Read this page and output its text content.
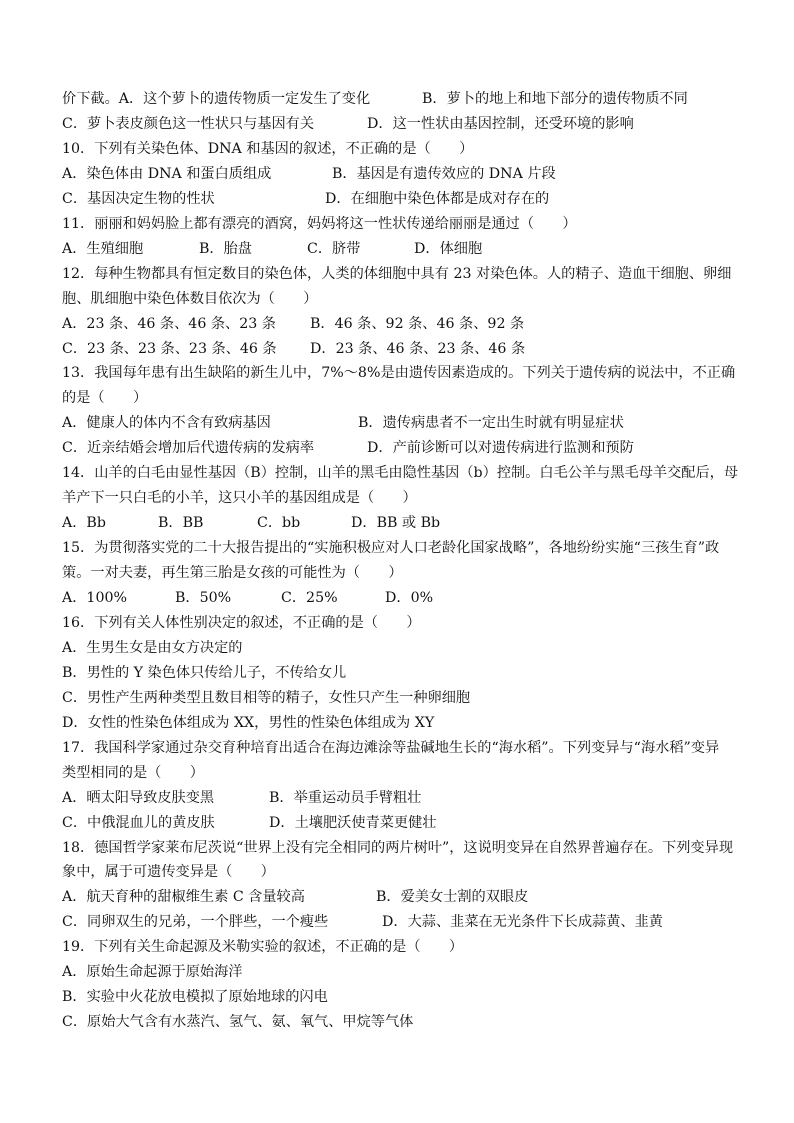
价下截。A．这个萝卜的遗传物质一定发生了变化	B．萝卜的地上和地下部分的遗传物质不同
C．萝卜表皮颜色这一性状只与基因有关	D．这一性状由基因控制，还受环境的影响
10．下列有关染色体、DNA 和基因的叙述，不正确的是（　　）
A．染色体由 DNA 和蛋白质组成	B．基因是有遗传效应的 DNA 片段
C．基因决定生物的性状	D．在细胞中染色体都是成对存在的
11．丽丽和妈妈脸上都有漂亮的酒窝，妈妈将这一性状传递给丽丽是通过（　　）
A．生殖细胞	B．胎盘	C．脐带	D．体细胞
12．每种生物都具有恒定数目的染色体，人类的体细胞中具有 23 对染色体。人的精子、造血干细胞、卵细
胞、肌细胞中染色体数目依次为（　　）
A．23 条、46 条、46 条、23 条 B．46 条、92 条、46 条、92 条
C．23 条、23 条、23 条、46 条 D．23 条、46 条、23 条、46 条
13．我国每年患有出生缺陷的新生儿中，7%～8%是由遗传因素造成的。下列关于遗传病的说法中，不正确
的是（　　）
A．健康人的体内不含有致病基因	B．遗传病患者不一定出生时就有明显症状
C．近亲结婚会增加后代遗传病的发病率	D．产前诊断可以对遗传病进行监测和预防
14．山羊的白毛由显性基因（B）控制，山羊的黑毛由隐性基因（b）控制。白毛公羊与黑毛母羊交配后，母
羊产下一只白毛的小羊，这只小羊的基因组成是（　　）
A．Bb	B．BB	C．bb	D．BB 或 Bb
15．为贯彻落实党的二十大报告提出的“实施积极应对人口老龄化国家战略”，各地纷纷实施“三孩生育”政
策。一对夫妻，再生第三胎是女孩的可能性为（　　）
A．100%	B．50%	C．25%	D．0%
16．下列有关人体性别决定的叙述，不正确的是（　　）
A．生男生女是由女方决定的
B．男性的 Y 染色体只传给儿子，不传给女儿
C．男性产生两种类型且数目相等的精子，女性只产生一种卵细胞
D．女性的性染色体组成为 XX，男性的性染色体组成为 XY
17．我国科学家通过杂交育种培育出适合在海边滩涂等盐碱地生长的“海水稻”。下列变异与“海水稻”变异
类型相同的是（　　）
A．晒太阳导致皮肤变黑	B．举重运动员手臂粗壮
C．中俄混血儿的黄皮肤	D．土壤肥沃使青菜更健壮
18．德国哲学家莱布尼茨说“世界上没有完全相同的两片树叶”，这说明变异在自然界普遍存在。下列变异现
象中，属于可遗传变异是（　　）
A．航天育种的甜椒维生素 C 含量较高	B．爱美女士割的双眼皮
C．同卵双生的兄弟，一个胖些，一个瘦些	D．大蒜、韭菜在无光条件下长成蒜黄、韭黄
19．下列有关生命起源及米勒实验的叙述，不正确的是（　　）
A．原始生命起源于原始海洋
B．实验中火花放电模拟了原始地球的闪电
C．原始大气含有水蒸汽、氢气、氨、氧气、甲烷等气体
